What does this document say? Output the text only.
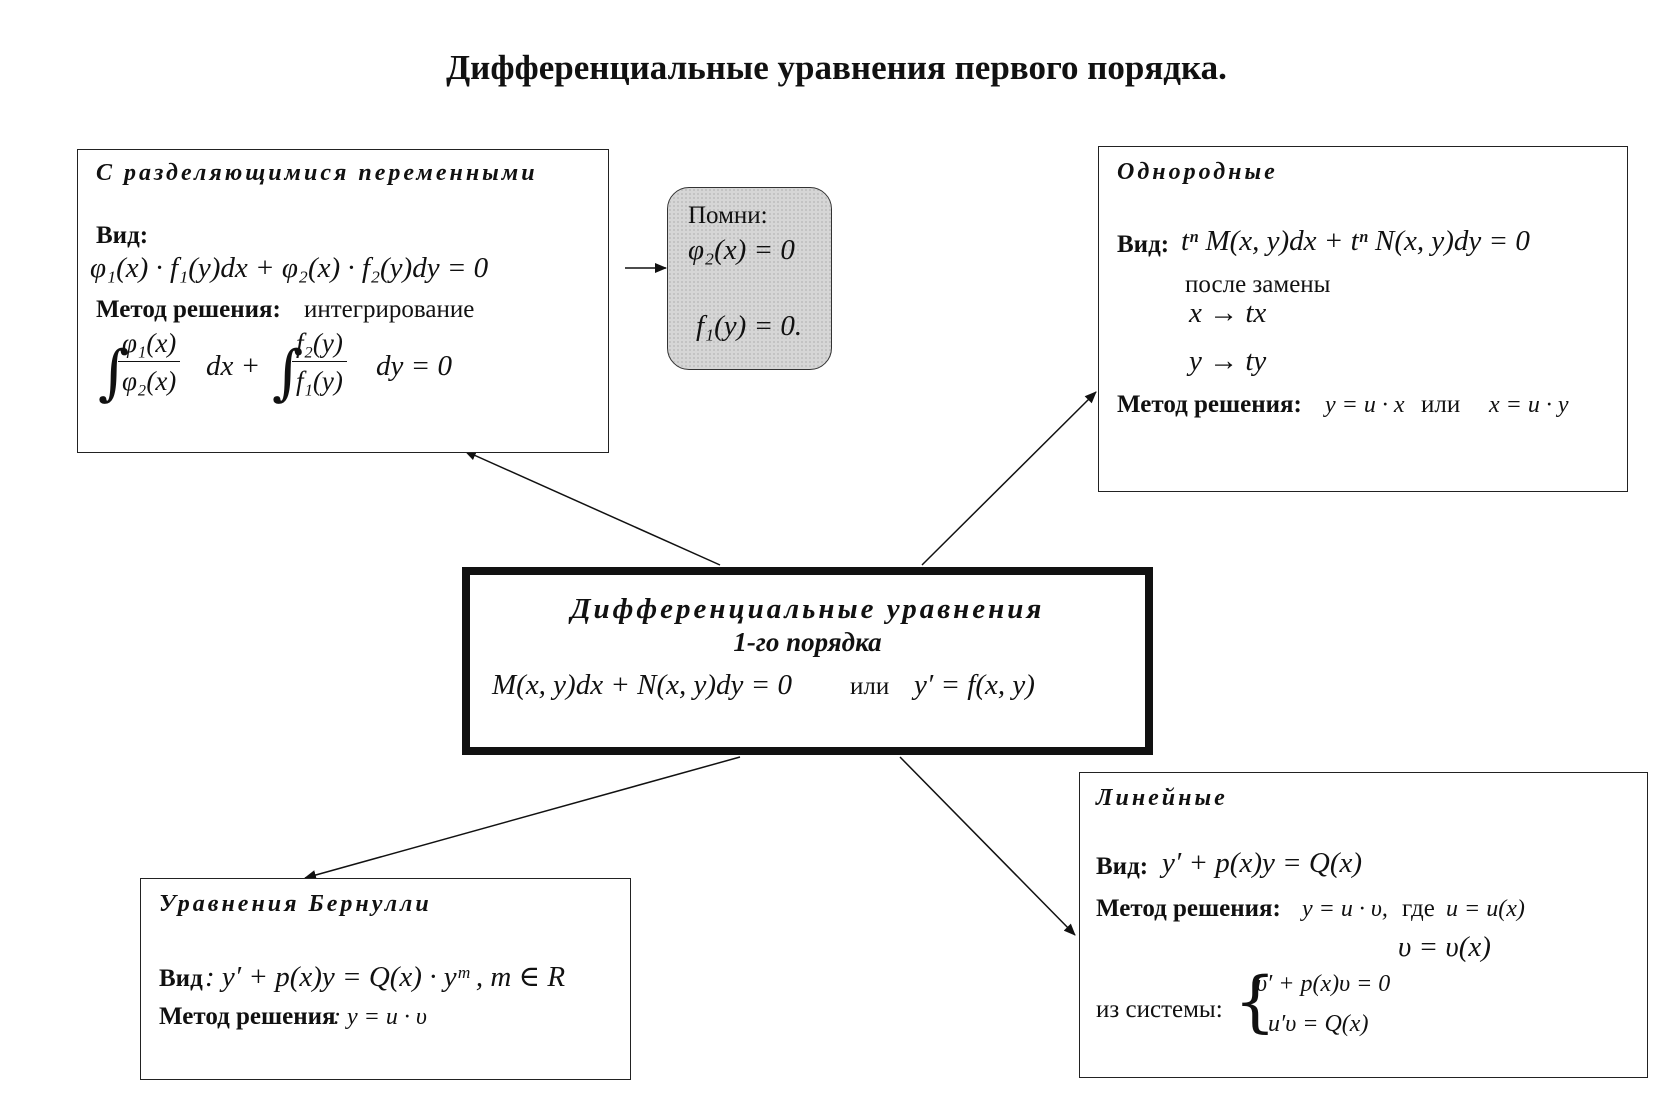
Дифференциальные уравнения первого порядка.
С разделяющимися переменными
Вид:
φ₁(x) · f₁(y)dx + φ₂(x) · f₂(y)dy = 0
Метод решения: интегрирование
∫
$\frac{\text{φ₁(x)}}{\text{φ₂(x)}}$ dx + ∫
$\frac{\text{f₂(y)}}{\text{f₁(y)}}$ dy = 0
Помни:
φ₂(x) = 0
f₁(y) = 0.
Однородные
Вид: tⁿ M(x, y)dx + tⁿ N(x, y)dy = 0
после замены
x → tx
y → ty
Метод решения: y = u · x или x = u · y
Дифференциальные уравнения
1-го порядка
M(x, y)dx + N(x, y)dy = 0 или y′ = f(x, y)
Линейные
Вид: y′ + p(x)y = Q(x)
Метод решения: y = u · υ, где u = u(x)
υ = υ(x)
из системы: {
υ′ + p(x)υ = 0
u′υ = Q(x)
Уравнения Бернулли
Вид : y′ + p(x)y = Q(x) · yᵐ , m ∈ R
Метод решения
: y = u · υ
